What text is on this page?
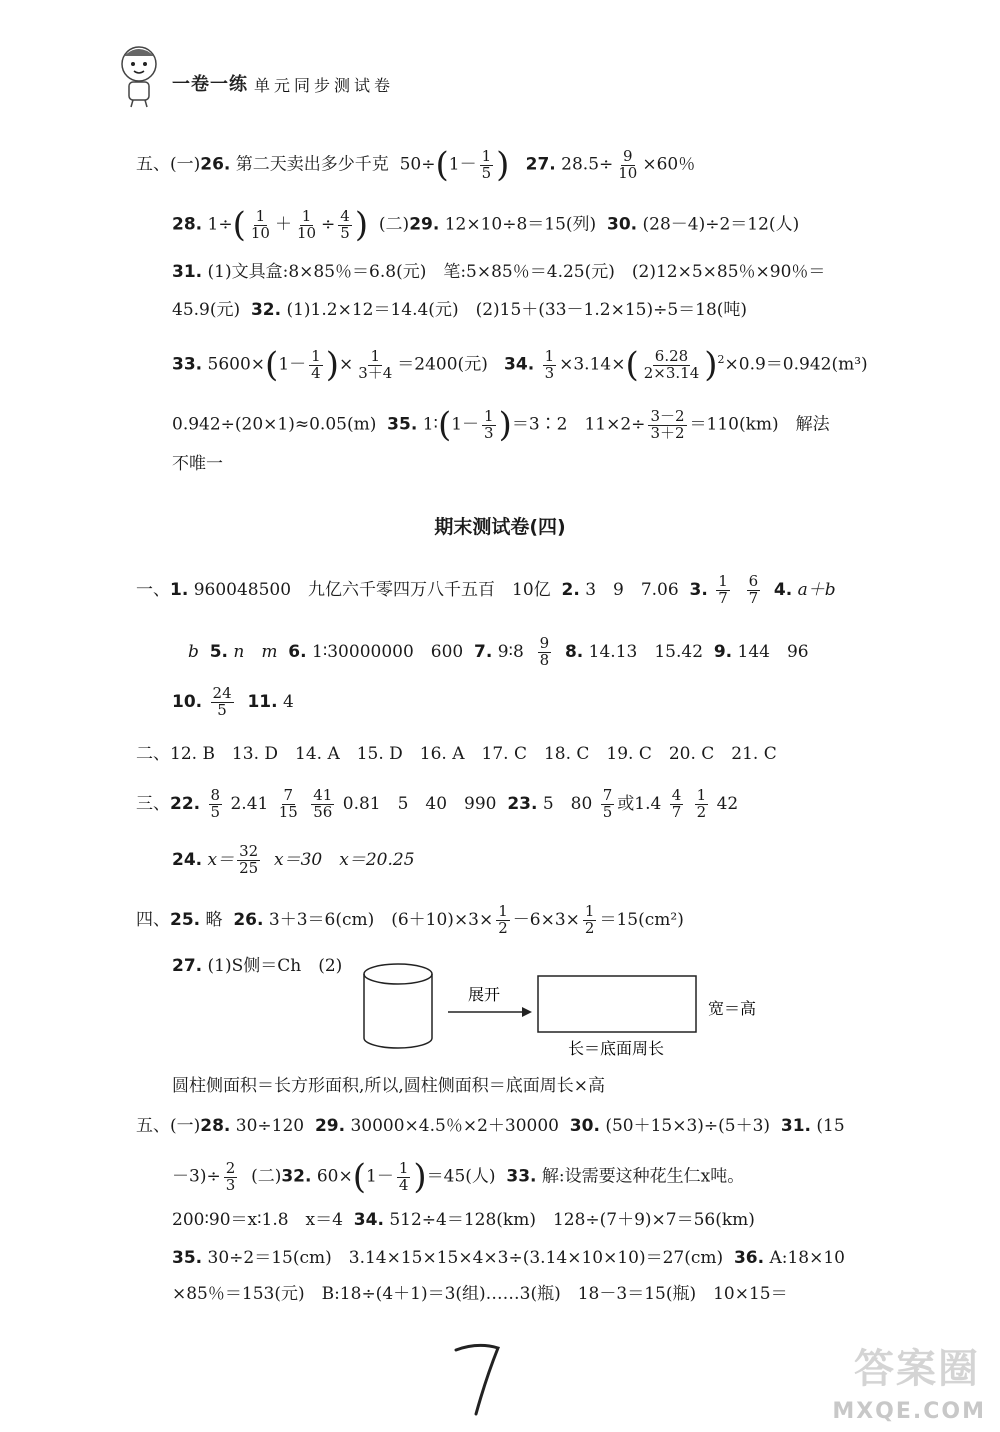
一卷一练 单元同步测试卷
五、(一)26. 第二天卖出多少千克 $50\div(1- \frac{1}{5}$ ) 27. $28.5\div \frac{9}{10} \times 60$％
28. $1\div( \frac{1}{10} + \frac{1}{10} \div \frac{4}{5}$ ) (二)29. 12×10÷8＝15(列) 30. (28－4)÷2＝12(人)
31. (1)文具盒:8×85％＝6.8(元)　笔:5×85％＝4.25(元)　(2)12×5×85％×90％＝
45.9(元) 32. (1)1.2×12＝14.4(元)　(2)15＋(33－1.2×15)÷5＝18(吨)
33. $5600\times(1- \frac{1}{4}$ )× $\frac{1}{3+4} =2400$(元) 34. $\frac{1}{3} \times 3.14\times( \frac{6.28}{2\times 3.14} )^2\times 0.9=0.942(m^3)$
0.942÷(20×1)≈0.05(m) 35. 1∶(1－ $\frac{1}{3}$ )＝3∶2　$11\times 2\div \frac{3-2}{3+2} =110(km)$　解法
不唯一
期末测试卷(四)
一、1. 960048500　九亿六千零四万八千五百　10亿 2. 3　9　7.06 3. $\frac{1}{7}$
$\frac{6}{7} 4$. a＋b
b 5. n　m 6. 1∶30000000　600 7. 9∶8 $\frac{9}{8} 8$. 14.13　15.42 9. 144　96
10. $\frac{24}{5} 11$. 4
二、12. B　13. D　14. A　15. D　16. A　17. C　18. C　19. C　20. C　21. C
三、22. $\frac{8}{5} 2.41 \frac{7}{15}$
$\frac{41}{56} 0.81$　5　40　990 23. 5　$80 \frac{7}{5}$ 或$1.4 \frac{4}{7}$
$\frac{1}{2} 42$
24. $x= \frac{32}{25} x=30$　x＝20.25
四、25. 略 26. 3＋3＝6(cm)　$(6+10)\times 3\times \frac{1}{2} -6\times 3\times \frac{1}{2} =15(cm^2)$
27. (1)S侧＝Ch　(2)
展开
宽＝高
长＝底面周长
圆柱侧面积＝长方形面积,所以,圆柱侧面积＝底面周长×高
五、(一)28. 30÷120 29. 30000×4.5％×2＋30000 30. (50＋15×3)÷(5＋3) 31. (15
$-3)\div \frac{2}{3}$ (二)32. $60\times(1- \frac{1}{4} )=45$(人) 33. 解:设需要这种花生仁x吨。
200∶90＝x∶1.8　x＝4 34. 512÷4＝128(km)　128÷(7＋9)×7＝56(km)
35. 30÷2＝15(cm)　3.14×15×15×4×3÷(3.14×10×10)＝27(cm) 36. A:18×10
×85％＝153(元)　B:18÷(4＋1)＝3(组)……3(瓶)　18－3＝15(瓶)　10×15＝
答案圈
MXQE.COM
